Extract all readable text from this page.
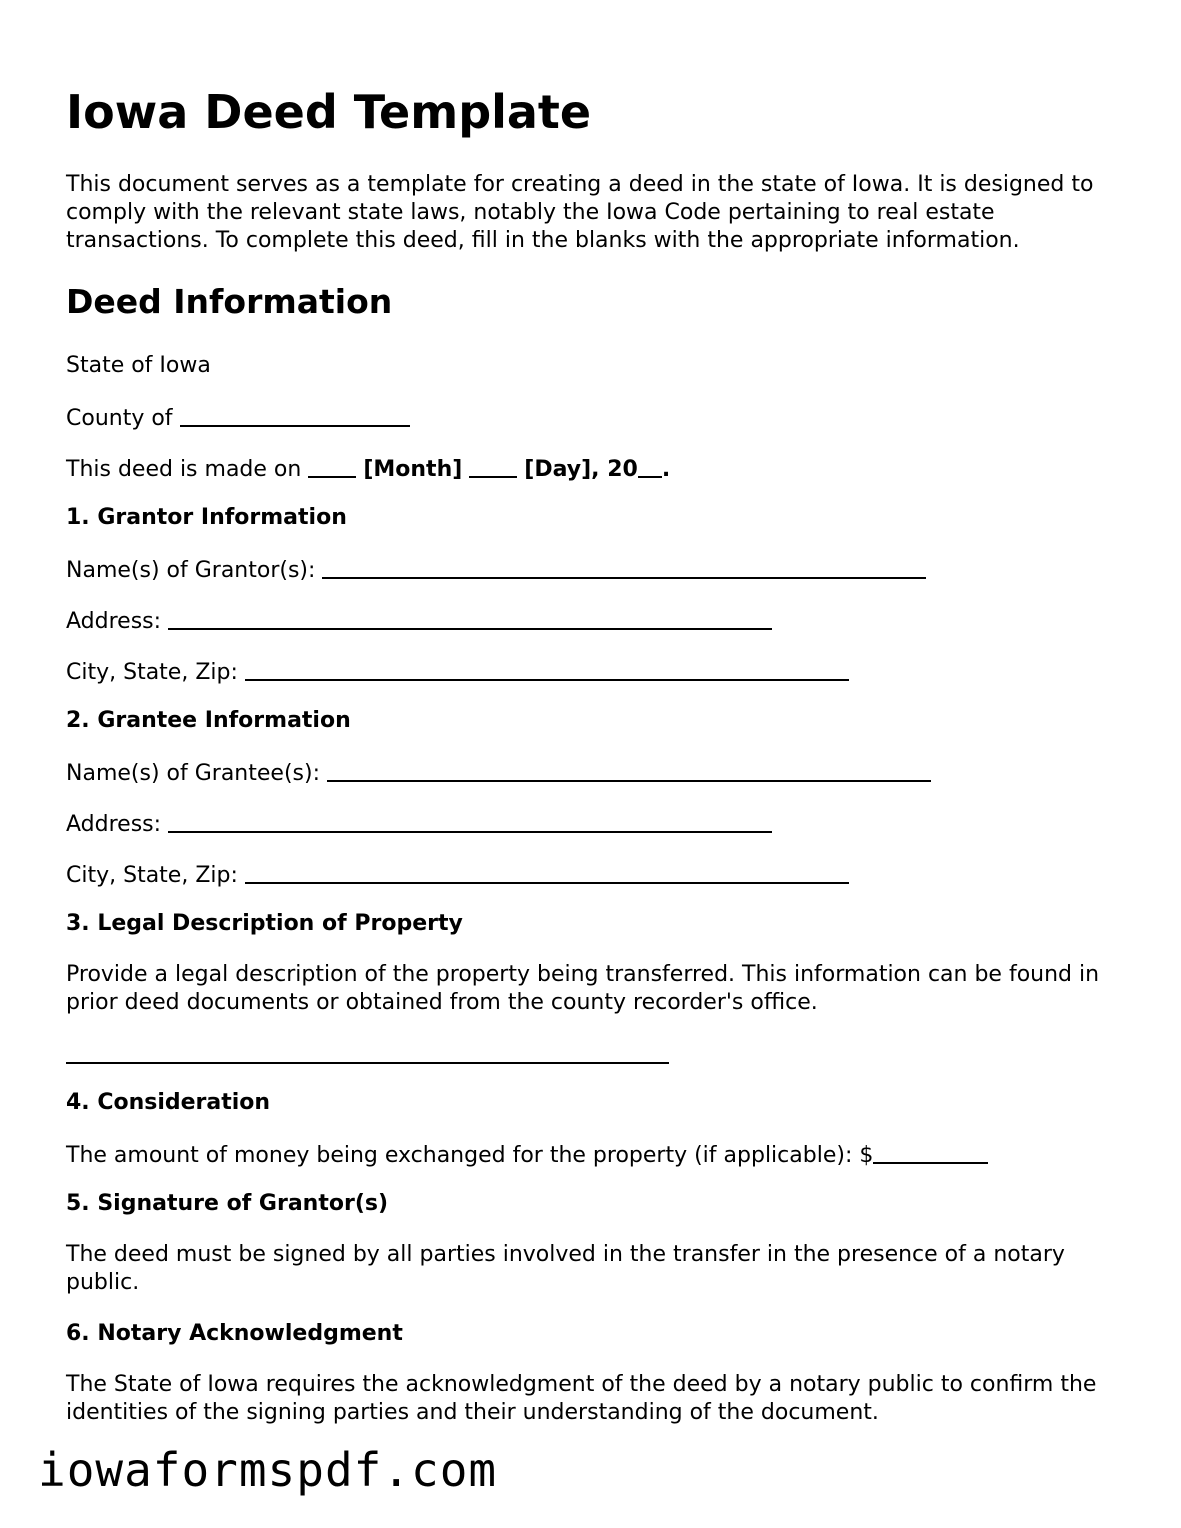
Iowa Deed Template

This document serves as a template for creating a deed in the state of Iowa. It is designed to comply with the relevant state laws, notably the Iowa Code pertaining to real estate transactions. To complete this deed, fill in the blanks with the appropriate information.

Deed Information

State of Iowa

County of

This deed is made on	[Month]	[Day], 20 .

1. Grantor Information

Name(s) of Grantor(s):

Address:

City, State, Zip:

2. Grantee Information

Name(s) of Grantee(s):

Address:

City, State, Zip:

3. Legal Description of Property

Provide a legal description of the property being transferred. This information can be found in prior deed documents or obtained from the county recorder's office.

4. Consideration

The amount of money being exchanged for the property (if applicable): $

5. Signature of Grantor(s)

The deed must be signed by all parties involved in the transfer in the presence of a notary public.

6. Notary Acknowledgment

The State of Iowa requires the acknowledgment of the deed by a notary public to confirm the identities of the signing parties and their understanding of the document.

iowaformspdf.com
